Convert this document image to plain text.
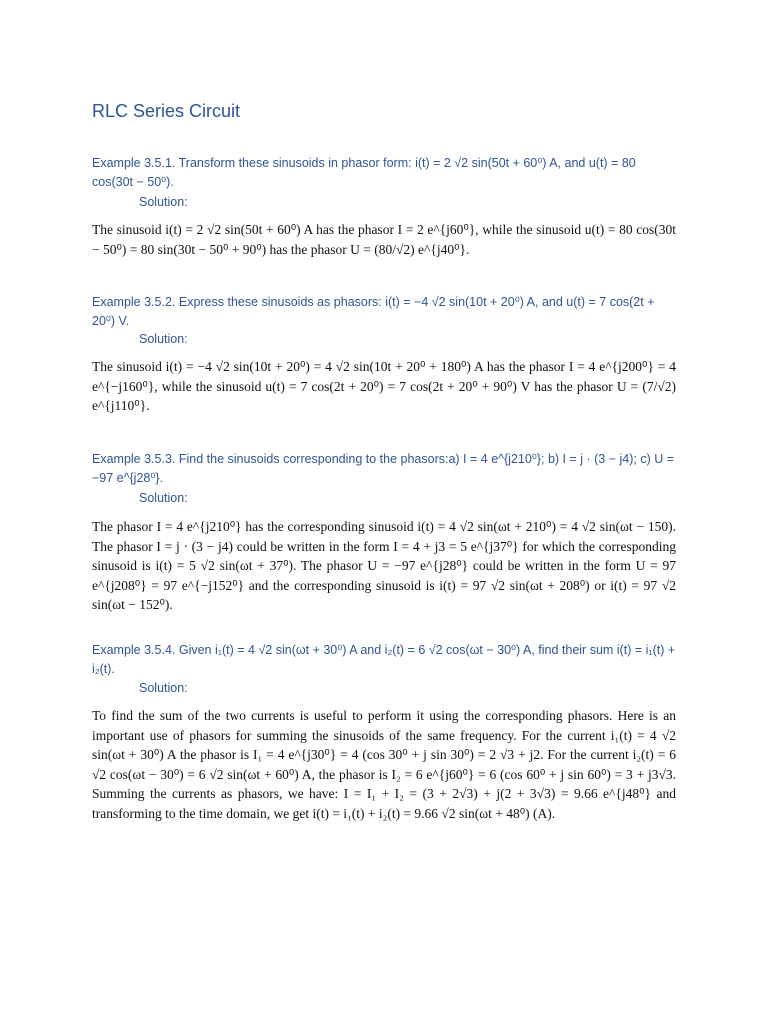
RLC Series Circuit

Example 3.5.1. Transform these sinusoids in phasor form: i(t) = 2 √2 sin(50t + 60⁰) A, and u(t) = 80 cos(30t − 50⁰).

Solution:

The sinusoid i(t) = 2 √2 sin(50t + 60⁰) A has the phasor I = 2 e^{j60⁰}, while the sinusoid u(t) = 80 cos(30t − 50⁰) = 80 sin(30t − 50⁰ + 90⁰) has the phasor U = (80/√2) e^{j40⁰}.

Example 3.5.2. Express these sinusoids as phasors: i(t) = −4 √2 sin(10t + 20⁰) A, and u(t) = 7 cos(2t + 20⁰) V.

Solution:

The sinusoid i(t) = −4 √2 sin(10t + 20⁰) = 4 √2 sin(10t + 20⁰ + 180⁰) A has the phasor I = 4 e^{j200⁰} = 4 e^{−j160⁰}, while the sinusoid u(t) = 7 cos(2t + 20⁰) = 7 cos(2t + 20⁰ + 90⁰) V has the phasor U = (7/√2) e^{j110⁰}.

Example 3.5.3. Find the sinusoids corresponding to the phasors:a) I = 4 e^{j210⁰}; b) I = j · (3 − j4); c) U = −97 e^{j28⁰}.

Solution:

The phasor I = 4 e^{j210⁰} has the corresponding sinusoid i(t) = 4 √2 sin(ωt + 210⁰) = 4 √2 sin(ωt − 150). The phasor I = j · (3 − j4) could be written in the form I = 4 + j3 = 5 e^{j37⁰} for which the corresponding sinusoid is i(t) = 5 √2 sin(ωt + 37⁰). The phasor U = −97 e^{j28⁰} could be written in the form U = 97 e^{j208⁰} = 97 e^{−j152⁰} and the corresponding sinusoid is i(t) = 97 √2 sin(ωt + 208⁰) or i(t) = 97 √2 sin(ωt − 152⁰).

Example 3.5.4. Given i₁(t) = 4 √2 sin(ωt + 30⁰) A and i₂(t) = 6 √2 cos(ωt − 30⁰) A, find their sum i(t) = i₁(t) + i₂(t).

Solution:

To find the sum of the two currents is useful to perform it using the corresponding phasors. Here is an important use of phasors for summing the sinusoids of the same frequency. For the current i₁(t) = 4 √2 sin(ωt + 30⁰) A the phasor is I₁ = 4 e^{j30⁰} = 4 (cos 30⁰ + j sin 30⁰) = 2 √3 + j2. For the current i₂(t) = 6 √2 cos(ωt − 30⁰) = 6 √2 sin(ωt + 60⁰) A, the phasor is I₂ = 6 e^{j60⁰} = 6 (cos 60⁰ + j sin 60⁰) = 3 + j3√3. Summing the currents as phasors, we have: I = I₁ + I₂ = (3 + 2√3) + j(2 + 3√3) = 9.66 e^{j48⁰} and transforming to the time domain, we get i(t) = i₁(t) + i₂(t) = 9.66 √2 sin(ωt + 48⁰) (A).
